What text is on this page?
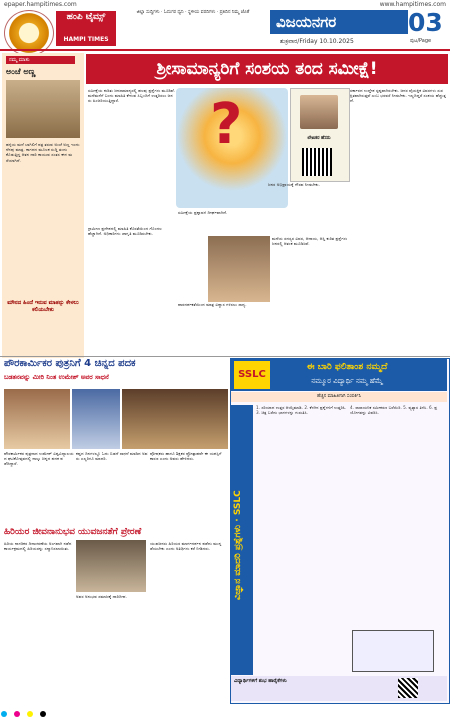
epaper.hampitimes.com	www.hampitimes.com
ಹಂಪಿ ಟೈಮ್ಸ್
HAMPI TIMES
ಜಿಲ್ಲಾ ಸುದ್ದಿಗಳು · ಓದುಗರ ಧ್ವನಿ · ಸ್ಥಳೀಯ ವರದಿಗಳು · ಪ್ರತಿದಿನ ನಿಮ್ಮ ಜೊತೆ
ವಿಜಯನಗರ	03
ಶುಕ್ರವಾರ/Friday 10.10.2025	ಪುಟ/Page
ನಮ್ಮ ಮಾತು
ಅಂಚೆ ಅಣ್ಣ
ಹಳ್ಳಿಯ ಮನೆ ಬಾಗಿಲಿಗೆ ಪತ್ರ ತರುವ ಅಂಚೆ ಅಣ್ಣ ಇಂದು ನೆನಪು ಮಾತ್ರ. ಕಾಗದದ ಮೂಲಕ ಸುದ್ದಿ ತಂದು ಕೊಡುತ್ತಿದ್ದ ಆತನ ದಾರಿ ಕಾಯುವ ಸಂತಸ ಈಗ ಮರೆಯಾಗಿದೆ.
ಮೌನದ ಹಿಂದೆ ಇರುವ ಮಾತನ್ನು ಕೇಳಲು ಕಲಿಯಬೇಕು
ಶ್ರೀಸಾಮಾನ್ಯರಿಗೆ ಸಂಶಯ ತಂದ ಸಮೀಕ್ಷೆ!
ಸಮೀಕ್ಷೆಯ ಕುರಿತು ಜನಸಾಮಾನ್ಯರಲ್ಲಿ ಹಲವು ಪ್ರಶ್ನೆಗಳು ಮೂಡಿವೆ. ಮನೆಮನೆಗೆ ಬಂದು ಮಾಹಿತಿ ಕೇಳುವ ಸಿಬ್ಬಂದಿಗೆ ಉತ್ತರಿಸಲು ಜನರು ಹಿಂಜರಿಯುತ್ತಿದ್ದಾರೆ.	?	ಲೇಖಕರ ಹೆಸರು
ಸರ್ಕಾರದ ಉದ್ದೇಶ ಸ್ಪಷ್ಟವಾಗಿರಬೇಕು. ಜನರ ವೈಯಕ್ತಿಕ ವಿವರಗಳು ಸುರಕ್ಷಿತವಾಗಿರುತ್ತವೆ ಎಂಬ ಭರವಸೆ ನೀಡಬೇಕು. ಇಲ್ಲದಿದ್ದರೆ ಸಂಶಯ ಹೆಚ್ಚುತ್ತದೆ.
ಗ್ರಾಮೀಣ ಪ್ರದೇಶದಲ್ಲಿ ಮಾಹಿತಿ ಕೊರತೆಯಿಂದ ಗೊಂದಲ ಹೆಚ್ಚಾಗಿದೆ. ಅಧಿಕಾರಿಗಳು ಜಾಗೃತಿ ಮೂಡಿಸಬೇಕು.
ಸಮೀಕ್ಷೆಯ ಪ್ರಶ್ನಾವಳಿ ದೀರ್ಘವಾಗಿದೆ.
ಜನರ ಅಭಿಪ್ರಾಯಕ್ಕೆ ಗೌರವ ನೀಡಬೇಕು.
ಮನೆಯ ಸದಸ್ಯರ ವಿವರ, ಆದಾಯ, ಆಸ್ತಿ ಕುರಿತ ಪ್ರಶ್ನೆಗಳು ಜನರಲ್ಲಿ ಆತಂಕ ಮೂಡಿಸಿವೆ.
ಪಾರದರ್ಶಕತೆಯಿಂದ ಮಾತ್ರ ವಿಶ್ವಾಸ ಗಳಿಸಲು ಸಾಧ್ಯ.
ಪೌರಕಾರ್ಮಿಕರ ಪುತ್ರನಿಗೆ 4 ಚಿನ್ನದ ಪದಕ
ಬಡತನವನ್ನು ಮೀರಿ ನಿಂತ ಉಮೇಶ್ ಅವರ ಸಾಧನೆ
ಪೌರಕಾರ್ಮಿಕರ ಪುತ್ರನಾದ ಉಮೇಶ್ ವಿಶ್ವವಿದ್ಯಾಲಯದ ಘಟಿಕೋತ್ಸವದಲ್ಲಿ ನಾಲ್ಕು ಚಿನ್ನದ ಪದಕ ಪಡೆದಿದ್ದಾರೆ.
ಕಷ್ಟದ ದಿನಗಳಲ್ಲೂ ಓದು ಬಿಡದೆ ಸಾಧನೆ ಮಾಡಿದ ಅವರು ಎಲ್ಲರಿಗೂ ಮಾದರಿ.
ಪೋಷಕರು ಹಾಗೂ ಶಿಕ್ಷಕರ ಪ್ರೋತ್ಸಾಹವೇ ಈ ಯಶಸ್ಸಿಗೆ ಕಾರಣ ಎಂದು ಅವರು ಹೇಳಿದರು.
ಹಿರಿಯರ ಜೀವನಾನುಭವ ಯುವಜನತೆಗೆ ಪ್ರೇರಣೆ
ಹಿರಿಯ ನಾಗರಿಕರ ದಿನಾಚರಣೆಯ ಅಂಗವಾಗಿ ನಡೆದ ಕಾರ್ಯಕ್ರಮದಲ್ಲಿ ಹಿರಿಯರನ್ನು ಸನ್ಮಾನಿಸಲಾಯಿತು.
ಅವರ ಅನುಭವ ಸಮಾಜಕ್ಕೆ ದಾರಿದೀಪ.
ಯುವಜನರು ಹಿರಿಯರ ಮಾರ್ಗದರ್ಶನ ಪಡೆದು ಮುನ್ನಡೆಯಬೇಕು ಎಂದು ಅತಿಥಿಗಳು ಕರೆ ನೀಡಿದರು.
SSLC
ಈ ಬಾರಿ ಫಲಿತಾಂಶ ನಮ್ಮದೆ
ನಮ್ಮೂರ ವಿದ್ಯಾರ್ಥಿ ನಮ್ಮ ಹೆಮ್ಮೆ
ಹೆಚ್ಚಿನ ಮಾಹಿತಿಗಾಗಿ ಸಂಪರ್ಕಿಸಿ
ವಿಜ್ಞಾನ ಮಾದರಿ ಪ್ರಶ್ನೆಗಳು · SSLC
1. ಸರಿಯಾದ ಉತ್ತರ ಆಯ್ಕೆಮಾಡಿ. 2. ಕೆಳಗಿನ ಪ್ರಶ್ನೆಗಳಿಗೆ ಉತ್ತರಿಸಿ. 3. ಚಿತ್ರ ಬರೆದು ಭಾಗಗಳನ್ನು ಗುರುತಿಸಿ.
4. ರಾಸಾಯನಿಕ ಸಮೀಕರಣ ಬರೆಯಿರಿ. 5. ವ್ಯತ್ಯಾಸ ತಿಳಿಸಿ. 6. ಪ್ರಯೋಗವನ್ನು ವಿವರಿಸಿ.
ವಿದ್ಯಾರ್ಥಿಗಳಿಗೆ ಶುಭ ಹಾರೈಕೆಗಳು
